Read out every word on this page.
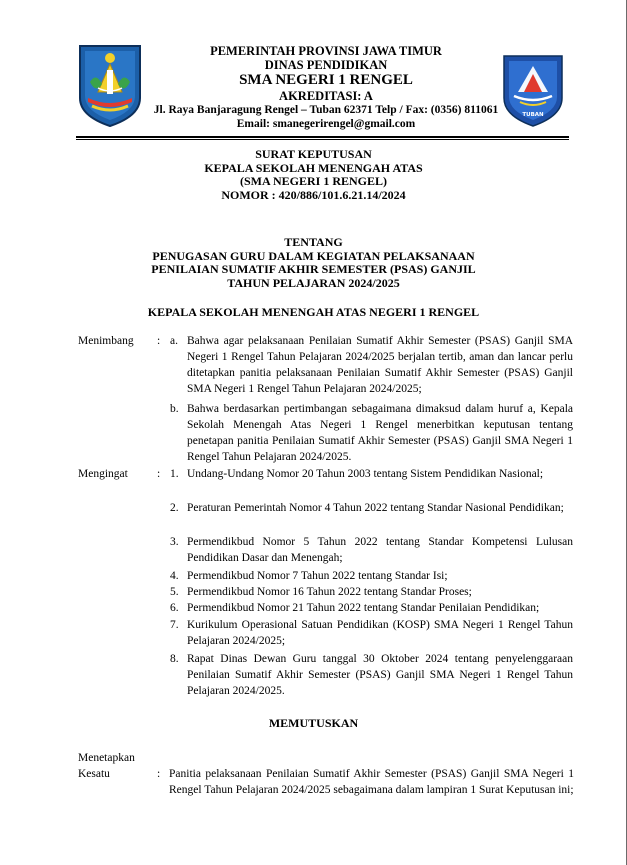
TUBAN
PEMERINTAH PROVINSI JAWA TIMUR
DINAS PENDIDIKAN
SMA NEGERI 1 RENGEL
AKREDITASI: A
Jl. Raya Banjaragung Rengel – Tuban 62371 Telp / Fax: (0356) 811061
Email: smanegerirengel@gmail.com
SURAT KEPUTUSAN
KEPALA SEKOLAH MENENGAH ATAS
(SMA NEGERI 1 RENGEL)
NOMOR : 420/886/101.6.21.14/2024
TENTANG
PENUGASAN GURU DALAM KEGIATAN PELAKSANAAN
PENILAIAN SUMATIF AKHIR SEMESTER (PSAS) GANJIL
TAHUN PELAJARAN 2024/2025
KEPALA SEKOLAH MENENGAH ATAS NEGERI 1 RENGEL
Menimbang : a. Bahwa agar pelaksanaan Penilaian Sumatif Akhir Semester (PSAS) Ganjil SMA Negeri 1 Rengel Tahun Pelajaran 2024/2025 berjalan tertib, aman dan lancar perlu ditetapkan panitia pelaksanaan Penilaian Sumatif Akhir Semester (PSAS) Ganjil SMA Negeri 1 Rengel Tahun Pelajaran 2024/2025;
b. Bahwa berdasarkan pertimbangan sebagaimana dimaksud dalam huruf a, Kepala Sekolah Menengah Atas Negeri 1 Rengel menerbitkan keputusan tentang penetapan panitia Penilaian Sumatif Akhir Semester (PSAS) Ganjil SMA Negeri 1 Rengel Tahun Pelajaran 2024/2025.
Mengingat	: 1. Undang-Undang Nomor 20 Tahun 2003 tentang Sistem Pendidikan Nasional;
2. Peraturan Pemerintah Nomor 4 Tahun 2022 tentang Standar Nasional Pendidikan;
3. Permendikbud Nomor 5 Tahun 2022 tentang Standar Kompetensi Lulusan Pendidikan Dasar dan Menengah;
4. Permendikbud Nomor 7 Tahun 2022 tentang Standar Isi;
5. Permendikbud Nomor 16 Tahun 2022 tentang Standar Proses;
6. Permendikbud Nomor 21 Tahun 2022 tentang Standar Penilaian Pendidikan;
7. Kurikulum Operasional Satuan Pendidikan (KOSP) SMA Negeri 1 Rengel Tahun Pelajaran 2024/2025;
8. Rapat Dinas Dewan Guru tanggal 30 Oktober 2024 tentang penyelenggaraan Penilaian Sumatif Akhir Semester (PSAS) Ganjil SMA Negeri 1 Rengel Tahun Pelajaran 2024/2025.
MEMUTUSKAN
Menetapkan
Kesatu	: Panitia pelaksanaan Penilaian Sumatif Akhir Semester (PSAS) Ganjil SMA Negeri 1 Rengel Tahun Pelajaran 2024/2025 sebagaimana dalam lampiran 1 Surat Keputusan ini;
